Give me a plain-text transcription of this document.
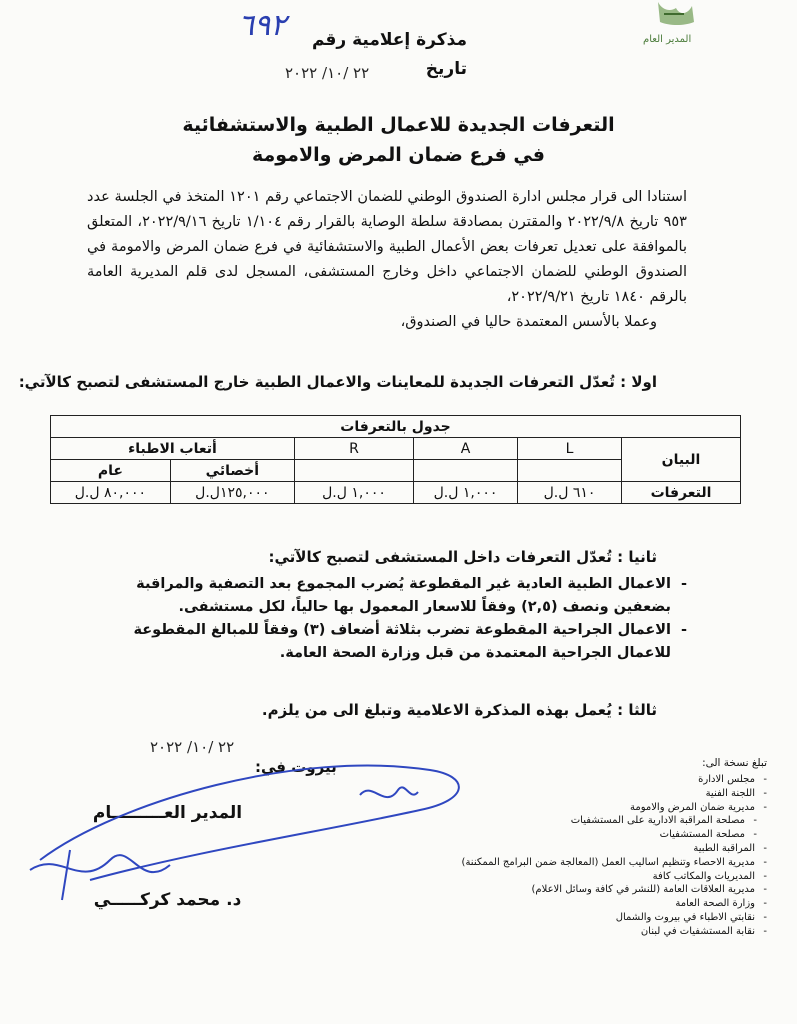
مذكرة إعلامية رقم
٦٩٢
تاريخ
٢٢ /١٠/ ٢٠٢٢
المدير العام
التعرفات الجديدة للاعمال الطبية والاستشفائية
في فرع ضمان المرض والامومة
استنادا الى قرار مجلس ادارة الصندوق الوطني للضمان الاجتماعي رقم ١٢٠١ المتخذ في الجلسة عدد ٩٥٣ تاريخ ٢٠٢٢/٩/٨ والمقترن بمصادقة سلطة الوصاية بالقرار رقم ١/١٠٤ تاريخ ٢٠٢٢/٩/١٦، المتعلق بالموافقة على تعديل تعرفات بعض الأعمال الطبية والاستشفائية في فرع ضمان المرض والامومة في الصندوق الوطني للضمان الاجتماعي داخل وخارج المستشفى، المسجل لدى قلم المديرية العامة بالرقم ١٨٤٠ تاريخ ٢٠٢٢/٩/٢١،
وعملا بالأسس المعتمدة حاليا في الصندوق،
اولا : تُعدّل التعرفات الجديدة للمعاينات والاعمال الطبية خارج المستشفى لتصبح كالآتي:
جدول بالتعرفات					
البيان	L	A	R	أتعاب الاطباء	
				أخصائي	عام
التعرفات	٦١٠ ل.ل	١,٠٠٠ ل.ل	١,٠٠٠ ل.ل	١٢٥,٠٠٠ل.ل	٨٠,٠٠٠ ل.ل
ثانيا : تُعدّل التعرفات داخل المستشفى لتصبح كالآتي:
-
الاعمال الطبية العادية غير المقطوعة يُضرب المجموع بعد التصفية والمراقبة بضعفين ونصف (٢,٥) وفقاً للاسعار المعمول بها حالياً، لكل مستشفى.
-
الاعمال الجراحية المقطوعة تضرب بثلاثة أضعاف (٣) وفقاً للمبالغ المقطوعة للاعمال الجراحية المعتمدة من قبل وزارة الصحة العامة.
ثالثا : يُعمل بهذه المذكرة الاعلامية وتبلغ الى من يلزم.
٢٢ /١٠/ ٢٠٢٢
بيروت في:
المدير العـــــــــام
د. محمد كركـــــي
تبلغ نسخة الى:
-
مجلس الادارة
-
اللجنة الفنية
-
مديرية ضمان المرض والامومة
-
مصلحة المراقبة الادارية على المستشفيات
-
مصلحة المستشفيات
-
المراقبة الطبية
-
مديرية الاحصاء وتنظيم اساليب العمل (المعالجة ضمن البرامج الممكننة)
-
المديريات والمكاتب كافة
-
مديرية العلاقات العامة (للنشر في كافة وسائل الاعلام)
-
وزارة الصحة العامة
-
نقابتي الاطباء في بيروت والشمال
-
نقابة المستشفيات في لبنان
